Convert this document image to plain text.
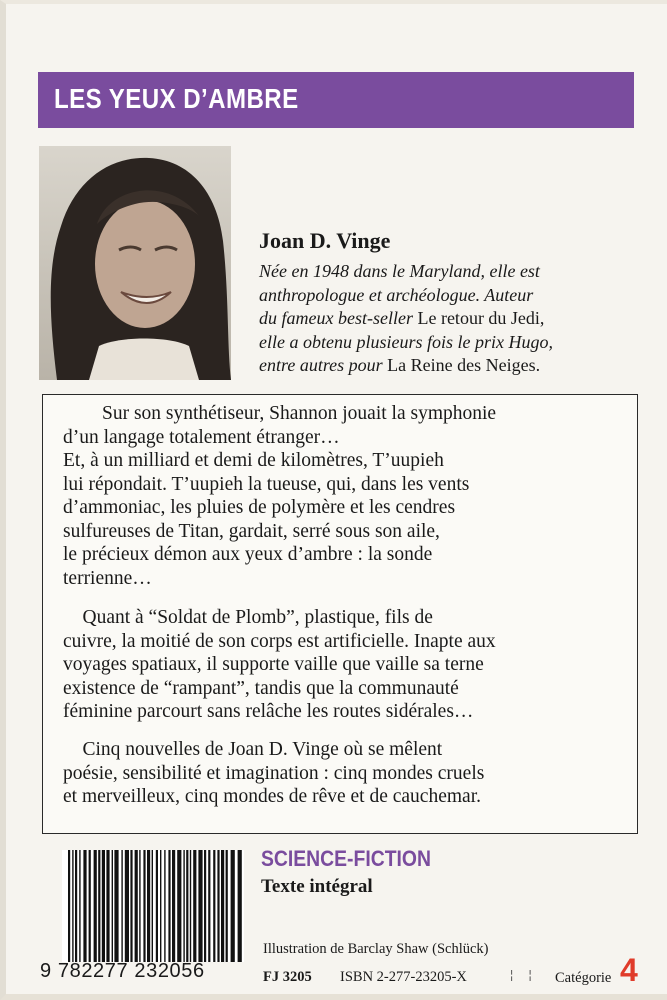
LES YEUX D’AMBRE
Joan D. Vinge
Née en 1948 dans le Maryland, elle est
anthropologue et archéologue. Auteur
du fameux best-seller Le retour du Jedi,
elle a obtenu plusieurs fois le prix Hugo,
entre autres pour La Reine des Neiges.
Sur son synthétiseur, Shannon jouait la symphonie
d’un langage totalement étranger…
Et, à un milliard et demi de kilomètres, T’uupieh
lui répondait. T’uupieh la tueuse, qui, dans les vents
d’ammoniac, les pluies de polymère et les cendres
sulfureuses de Titan, gardait, serré sous son aile,
le précieux démon aux yeux d’ambre : la sonde
terrienne…
Quant à “Soldat de Plomb”, plastique, fils de
cuivre, la moitié de son corps est artificielle. Inapte aux
voyages spatiaux, il supporte vaille que vaille sa terne
existence de “rampant”, tandis que la communauté
féminine parcourt sans relâche les routes sidérales…
Cinq nouvelles de Joan D. Vinge où se mêlent
poésie, sensibilité et imagination : cinq mondes cruels
et merveilleux, cinq mondes de rêve et de cauchemar.
9 782277 232056
SCIENCE-FICTION
Texte intégral
Illustration de Barclay Shaw (Schlück)
FJ 3205 ISBN 2-277-23205-X	¦ ¦ Catégorie 4
